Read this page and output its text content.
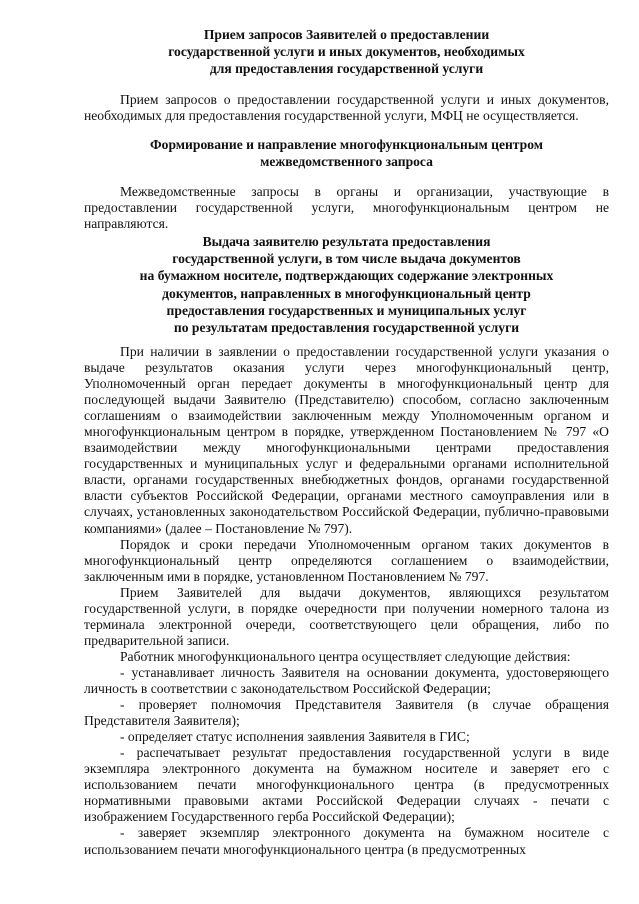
Прием запросов Заявителей о предоставлении
государственной услуги и иных документов, необходимых
для предоставления государственной услуги

Прием запросов о предоставлении государственной услуги и иных документов, необходимых для предоставления государственной услуги, МФЦ не осуществляется.

Формирование и направление многофункциональным центром
межведомственного запроса

Межведомственные запросы в органы и организации, участвующие в предоставлении государственной услуги, многофункциональным центром не направляются.

Выдача заявителю результата предоставления
государственной услуги, в том числе выдача документов
на бумажном носителе, подтверждающих содержание электронных
документов, направленных в многофункциональный центр
предоставления государственных и муниципальных услуг
по результатам предоставления государственной услуги

При наличии в заявлении о предоставлении государственной услуги указания о выдаче результатов оказания услуги через многофункциональный центр, Уполномоченный орган передает документы в многофункциональный центр для последующей выдачи Заявителю (Представителю) способом, согласно заключенным соглашениям о взаимодействии заключенным между Уполномоченным органом и многофункциональным центром в порядке, утвержденном Постановлением № 797 «О взаимодействии между многофункциональными центрами предоставления государственных и муниципальных услуг и федеральными органами исполнительной власти, органами государственных внебюджетных фондов, органами государственной власти субъектов Российской Федерации, органами местного самоуправления или в случаях, установленных законодательством Российской Федерации, публично-правовыми компаниями» (далее – Постановление № 797).

Порядок и сроки передачи Уполномоченным органом таких документов в многофункциональный центр определяются соглашением о взаимодействии, заключенным ими в порядке, установленном Постановлением № 797.

Прием Заявителей для выдачи документов, являющихся результатом государственной услуги, в порядке очередности при получении номерного талона из терминала электронной очереди, соответствующего цели обращения, либо по предварительной записи.

Работник многофункционального центра осуществляет следующие действия:

- устанавливает личность Заявителя на основании документа, удостоверяющего личность в соответствии с законодательством Российской Федерации;

- проверяет полномочия Представителя Заявителя (в случае обращения Представителя Заявителя);

- определяет статус исполнения заявления Заявителя в ГИС;

- распечатывает результат предоставления государственной услуги в виде экземпляра электронного документа на бумажном носителе и заверяет его с использованием печати многофункционального центра (в предусмотренных нормативными правовыми актами Российской Федерации случаях - печати с изображением Государственного герба Российской Федерации);

- заверяет экземпляр электронного документа на бумажном носителе с использованием печати многофункционального центра (в предусмотренных
